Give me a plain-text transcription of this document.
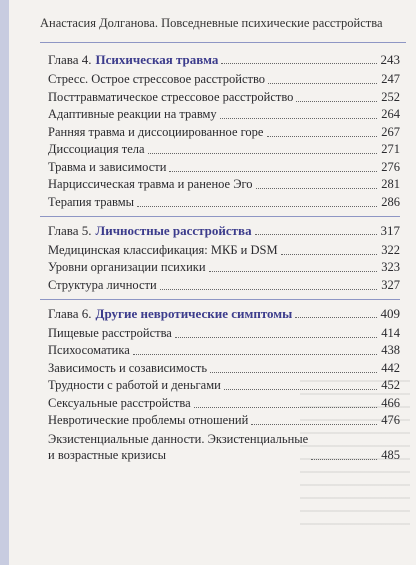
Анастасия Долганова. Повседневные психические расстройства
Глава 4. Психическая травма	243
Стресс. Острое стрессовое расстройство	247
Посттравматическое стрессовое расстройство	252
Адаптивные реакции на травму	264
Ранняя травма и диссоциированное горе	267
Диссоциация тела	271
Травма и зависимости	276
Нарциссическая травма и раненое Эго	281
Терапия травмы	286
Глава 5. Личностные расстройства	317
Медицинская классификация: МКБ и DSM	322
Уровни организации психики	323
Структура личности	327
Глава 6. Другие невротические симптомы	409
Пищевые расстройства	414
Психосоматика	438
Зависимость и созависимость	442
Трудности с работой и деньгами	452
Сексуальные расстройства	466
Невротические проблемы отношений	476
Экзистенциальные данности. Экзистенциальные
и возрастные кризисы	485
